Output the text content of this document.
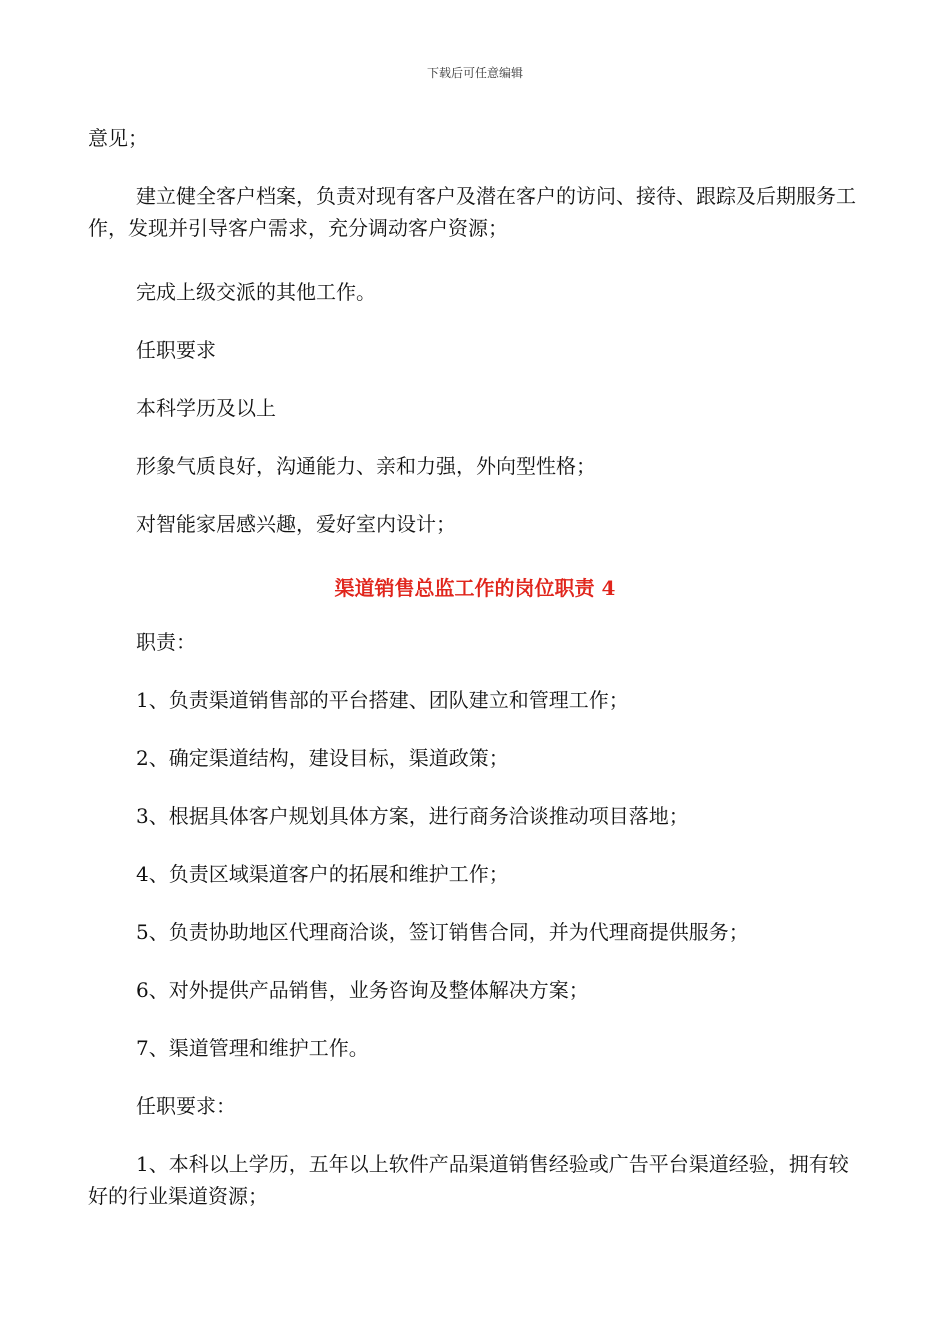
下载后可任意编辑

意见；

建立健全客户档案，负责对现有客户及潜在客户的访问、接待、跟踪及后期服务工作，发现并引导客户需求，充分调动客户资源；

完成上级交派的其他工作。

任职要求

本科学历及以上

形象气质良好，沟通能力、亲和力强，外向型性格；

对智能家居感兴趣，爱好室内设计；

渠道销售总监工作的岗位职责 4

职责：

1、负责渠道销售部的平台搭建、团队建立和管理工作；

2、确定渠道结构，建设目标，渠道政策；

3、根据具体客户规划具体方案，进行商务洽谈推动项目落地；

4、负责区域渠道客户的拓展和维护工作；

5、负责协助地区代理商洽谈，签订销售合同，并为代理商提供服务；

6、对外提供产品销售，业务咨询及整体解决方案；

7、渠道管理和维护工作。

任职要求：

1、本科以上学历，五年以上软件产品渠道销售经验或广告平台渠道经验，拥有较好的行业渠道资源；
